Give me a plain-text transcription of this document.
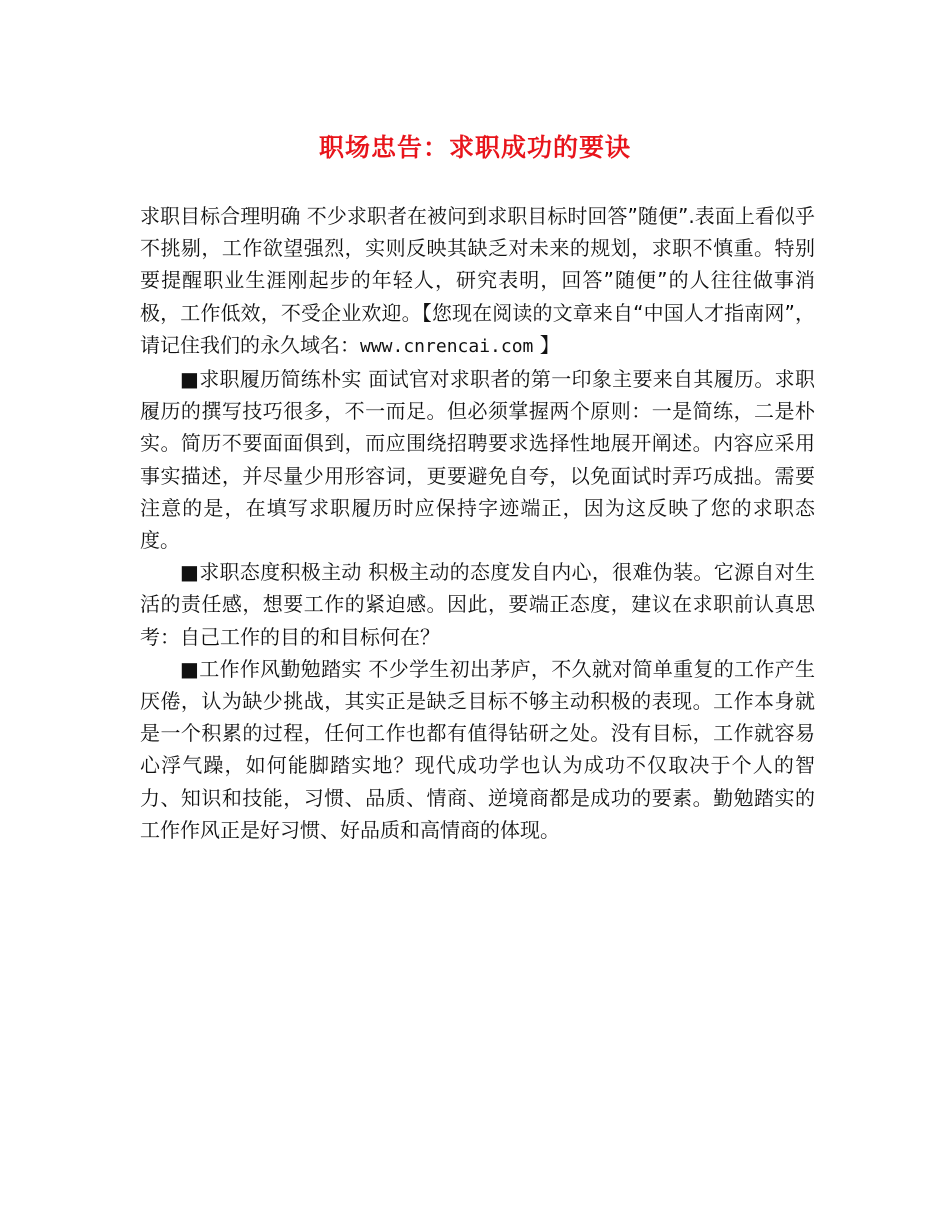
职场忠告：求职成功的要诀

求职目标合理明确 不少求职者在被问到求职目标时回答”随便”.表面上看似乎不挑剔，工作欲望强烈，实则反映其缺乏对未来的规划，求职不慎重。特别要提醒职业生涯刚起步的年轻人，研究表明，回答”随便”的人往往做事消极，工作低效，不受企业欢迎。【您现在阅读的文章来自“中国人才指南网”，请记住我们的永久域名：www.cnrencai.com 】

■求职履历简练朴实 面试官对求职者的第一印象主要来自其履历。求职履历的撰写技巧很多，不一而足。但必须掌握两个原则：一是简练，二是朴实。简历不要面面俱到，而应围绕招聘要求选择性地展开阐述。内容应采用事实描述，并尽量少用形容词，更要避免自夸，以免面试时弄巧成拙。需要注意的是，在填写求职履历时应保持字迹端正，因为这反映了您的求职态度。

■求职态度积极主动 积极主动的态度发自内心，很难伪装。它源自对生活的责任感，想要工作的紧迫感。因此，要端正态度，建议在求职前认真思考：自己工作的目的和目标何在？

■工作作风勤勉踏实 不少学生初出茅庐，不久就对简单重复的工作产生厌倦，认为缺少挑战，其实正是缺乏目标不够主动积极的表现。工作本身就是一个积累的过程，任何工作也都有值得钻研之处。没有目标，工作就容易心浮气躁，如何能脚踏实地？现代成功学也认为成功不仅取决于个人的智力、知识和技能，习惯、品质、情商、逆境商都是成功的要素。勤勉踏实的工作作风正是好习惯、好品质和高情商的体现。
